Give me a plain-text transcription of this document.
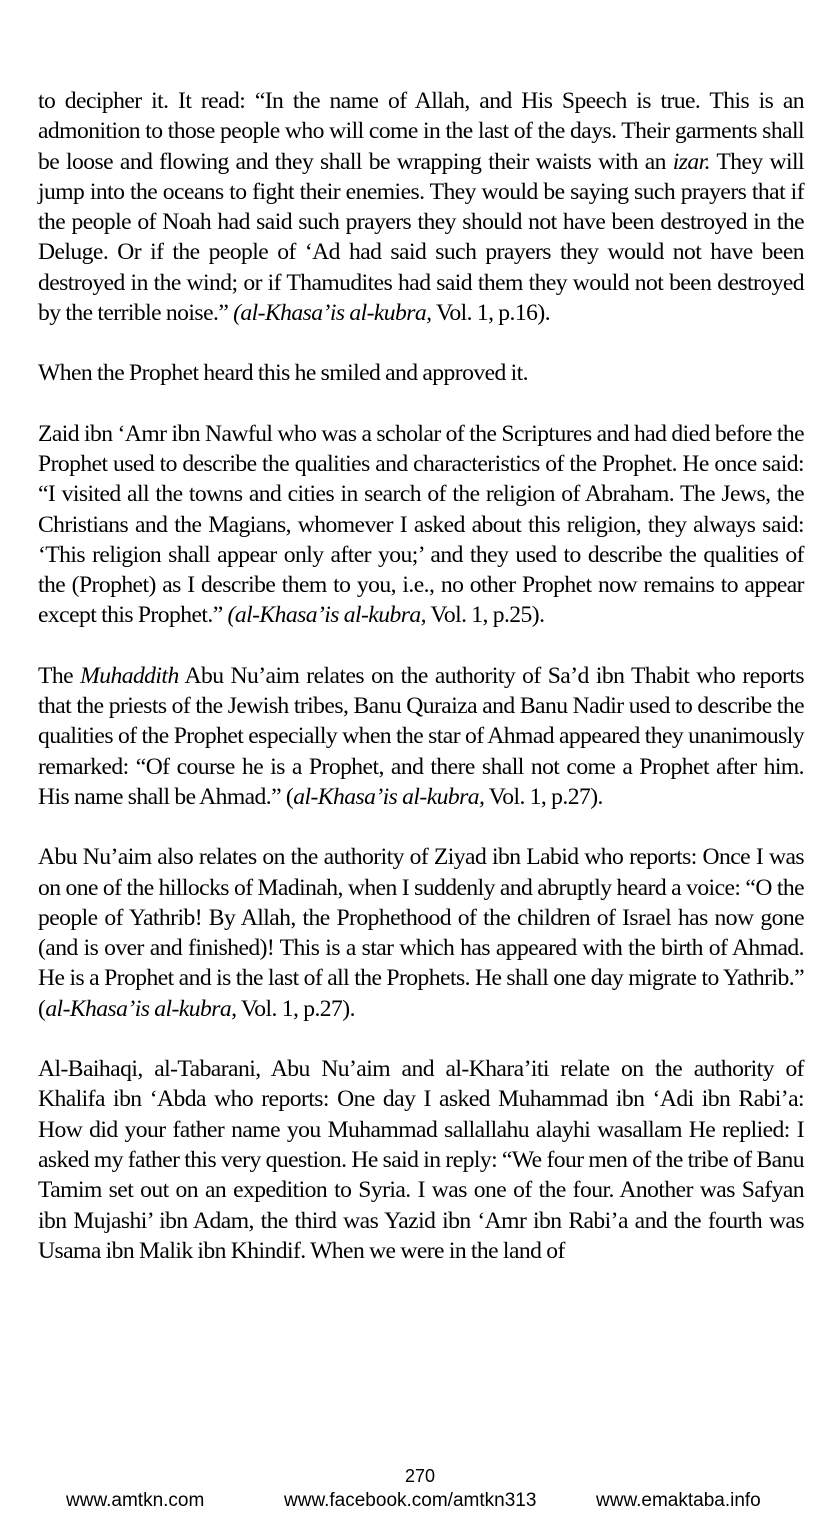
to decipher it. It read: “In the name of Allah, and His Speech is true. This is an admonition to those people who will come in the last of the days. Their garments shall be loose and flowing and they shall be wrapping their waists with an izar. They will jump into the oceans to fight their enemies. They would be saying such prayers that if the people of Noah had said such prayers they should not have been destroyed in the Deluge. Or if the people of ‘Ad had said such prayers they would not have been destroyed in the wind; or if Thamudites had said them they would not been destroyed by the terrible noise.” (al-Khasa’is al-kubra, Vol. 1, p.16).

When the Prophet heard this he smiled and approved it.

Zaid ibn ‘Amr ibn Nawful who was a scholar of the Scriptures and had died before the Prophet used to describe the qualities and characteristics of the Prophet. He once said: “I visited all the towns and cities in search of the religion of Abraham. The Jews, the Christians and the Magians, whomever I asked about this religion, they always said: ‘This religion shall appear only after you;’ and they used to describe the qualities of the (Prophet) as I describe them to you, i.e., no other Prophet now remains to appear except this Prophet.” (al-Khasa’is al-kubra, Vol. 1, p.25).

The Muhaddith Abu Nu’aim relates on the authority of Sa’d ibn Thabit who reports that the priests of the Jewish tribes, Banu Quraiza and Banu Nadir used to describe the qualities of the Prophet especially when the star of Ahmad appeared they unanimously remarked: “Of course he is a Prophet, and there shall not come a Prophet after him. His name shall be Ahmad.” (al-Khasa’is al-kubra, Vol. 1, p.27).

Abu Nu’aim also relates on the authority of Ziyad ibn Labid who reports: Once I was on one of the hillocks of Madinah, when I suddenly and abruptly heard a voice: “O the people of Yathrib! By Allah, the Prophethood of the children of Israel has now gone (and is over and finished)! This is a star which has appeared with the birth of Ahmad. He is a Prophet and is the last of all the Prophets. He shall one day migrate to Yathrib.” (al-Khasa’is al-kubra, Vol. 1, p.27).

Al-Baihaqi, al-Tabarani, Abu Nu’aim and al-Khara’iti relate on the authority of Khalifa ibn ‘Abda who reports: One day I asked Muhammad ibn ‘Adi ibn Rabi’a: How did your father name you Muhammad sallallahu alayhi wasallam He replied: I asked my father this very question. He said in reply: “We four men of the tribe of Banu Tamim set out on an expedition to Syria. I was one of the four. Another was Safyan ibn Mujashi’ ibn Adam, the third was Yazid ibn ‘Amr ibn Rabi’a and the fourth was Usama ibn Malik ibn Khindif. When we were in the land of

270
www.amtkn.com	www.facebook.com/amtkn313	www.emaktaba.info
